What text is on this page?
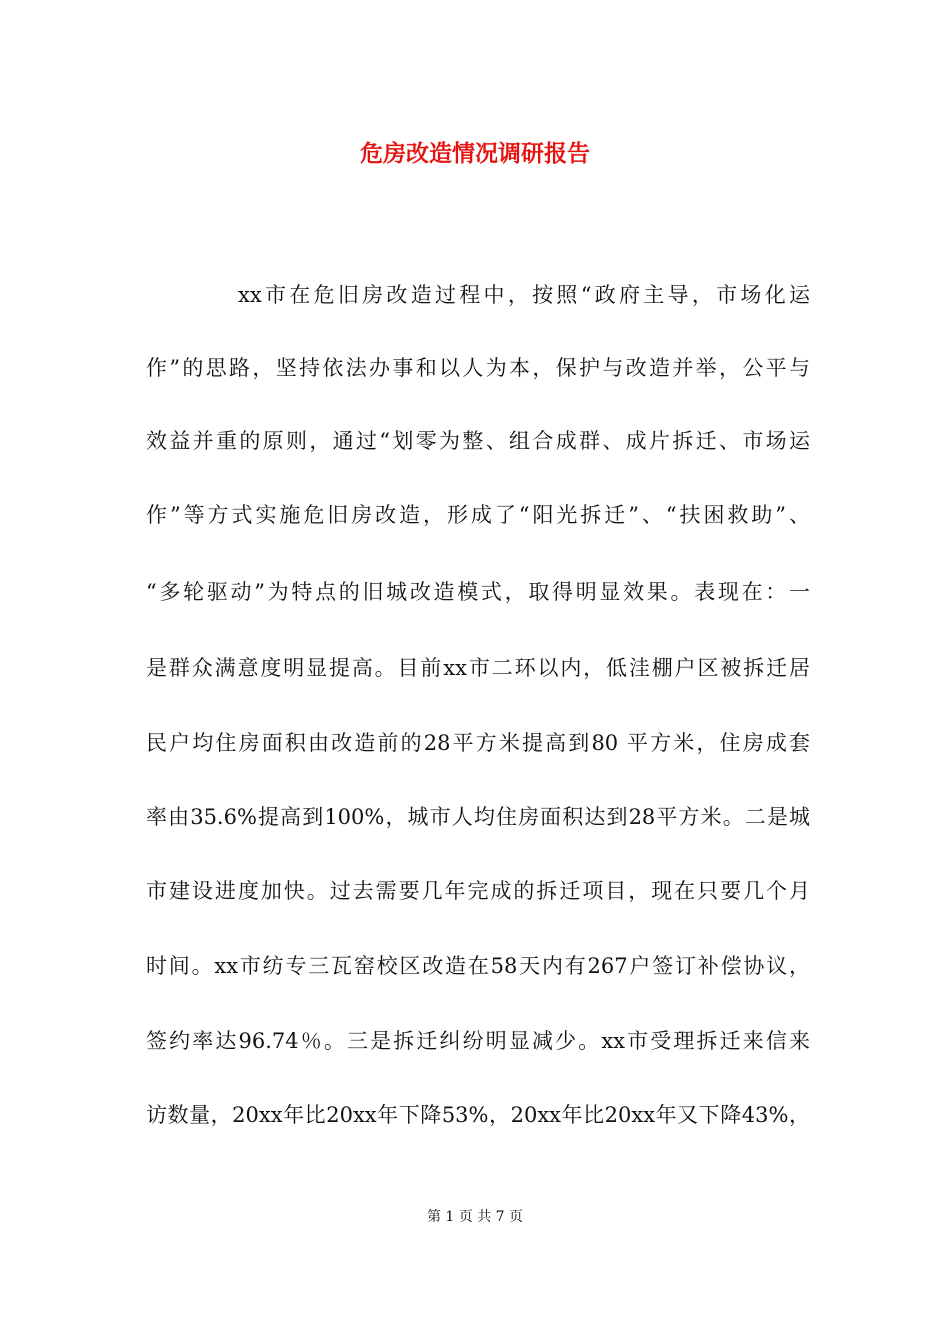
危房改造情况调研报告
xx市在危旧房改造过程中，按照“政府主导，市场化运
作”的思路，坚持依法办事和以人为本，保护与改造并举，公平与
效益并重的原则，通过“划零为整、组合成群、成片拆迁、市场运
作”等方式实施危旧房改造，形成了“阳光拆迁”、“扶困救助”、
“多轮驱动”为特点的旧城改造模式，取得明显效果。表现在：一
是群众满意度明显提高。目前xx市二环以内，低洼棚户区被拆迁居
民户均住房面积由改造前的28平方米提高到80 平方米，住房成套
率由35.6%提高到100%，城市人均住房面积达到28平方米。二是城
市建设进度加快。过去需要几年完成的拆迁项目，现在只要几个月
时间。xx市纺专三瓦窑校区改造在58天内有267户签订补偿协议，
签约率达96.74％。三是拆迁纠纷明显减少。xx市受理拆迁来信来
访数量，20xx年比20xx年下降53%，20xx年比20xx年又下降43%，
第 1 页 共 7 页
